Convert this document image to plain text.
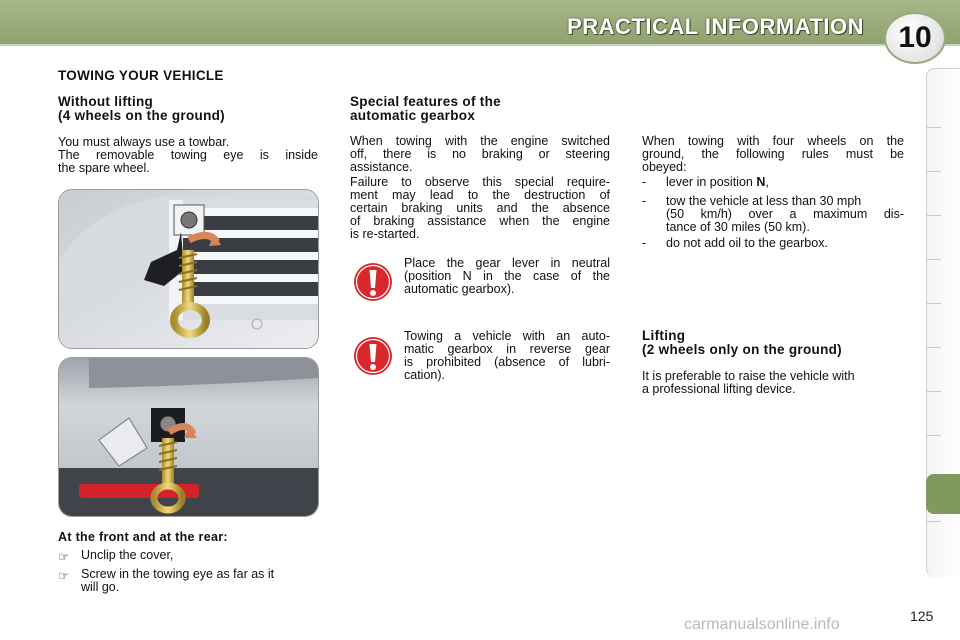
PRACTICAL INFORMATION	10
TOWING YOUR VEHICLE
Without lifting
(4 wheels on the ground)
You must always use a towbar.
The removable towing eye is inside
the spare wheel.
At the front and at the rear:
☞ Unclip the cover,
☞ Screw in the towing eye as far as it
will go.
Special features of the
automatic gearbox
When towing with the engine switched
off, there is no braking or steering
assistance.
Failure to observe this special require-
ment may lead to the destruction of
certain braking units and the absence
of braking assistance when the engine
is re-started.
Place the gear lever in neutral
(position N in the case of the
automatic gearbox).
Towing a vehicle with an auto-
matic gearbox in reverse gear
is prohibited (absence of lubri-
cation).
When towing with four wheels on the
ground, the following rules must be
obeyed:
- lever in position N,
- tow the vehicle at less than 30 mph
(50 km/h) over a maximum dis-
tance of 30 miles (50 km).
- do not add oil to the gearbox.
Lifting
(2 wheels only on the ground)
It is preferable to raise the vehicle with
a professional lifting device.
125
carmanualsonline.info
